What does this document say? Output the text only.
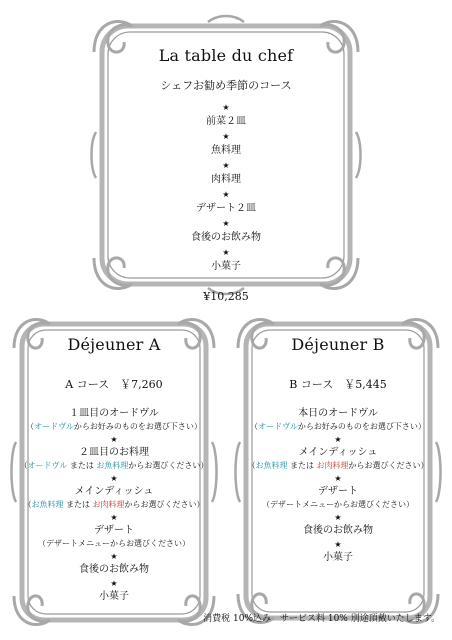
La table du chef
シェフお勧め季節のコース
★
前菜２皿
★
魚料理
★
肉料理
★
デザート２皿
★
食後のお飲み物
★
小菓子
¥10,285
Déjeuner A
A コース　￥7,260
１皿目のオードヴル
（オードヴルからお好みのものをお選び下さい）
★
２皿目のお料理
（オードヴル または お魚料理からお選びください）
★
メインディッシュ
（お魚料理 または お肉料理からお選びください）
★
デザート
（デザートメニューからお選びください）
★
食後のお飲み物
★
小菓子
Déjeuner B
B コース　￥5,445
本日のオードヴル
（オードヴルからお好みのものをお選び下さい）
★
メインディッシュ
（お魚料理 または お肉料理からお選びください）
★
デザート
（デザートメニューからお選びください）
★
食後のお飲み物
★
小菓子
消費税 10%込み　サービス料 10% 別途頂戴いたします。
